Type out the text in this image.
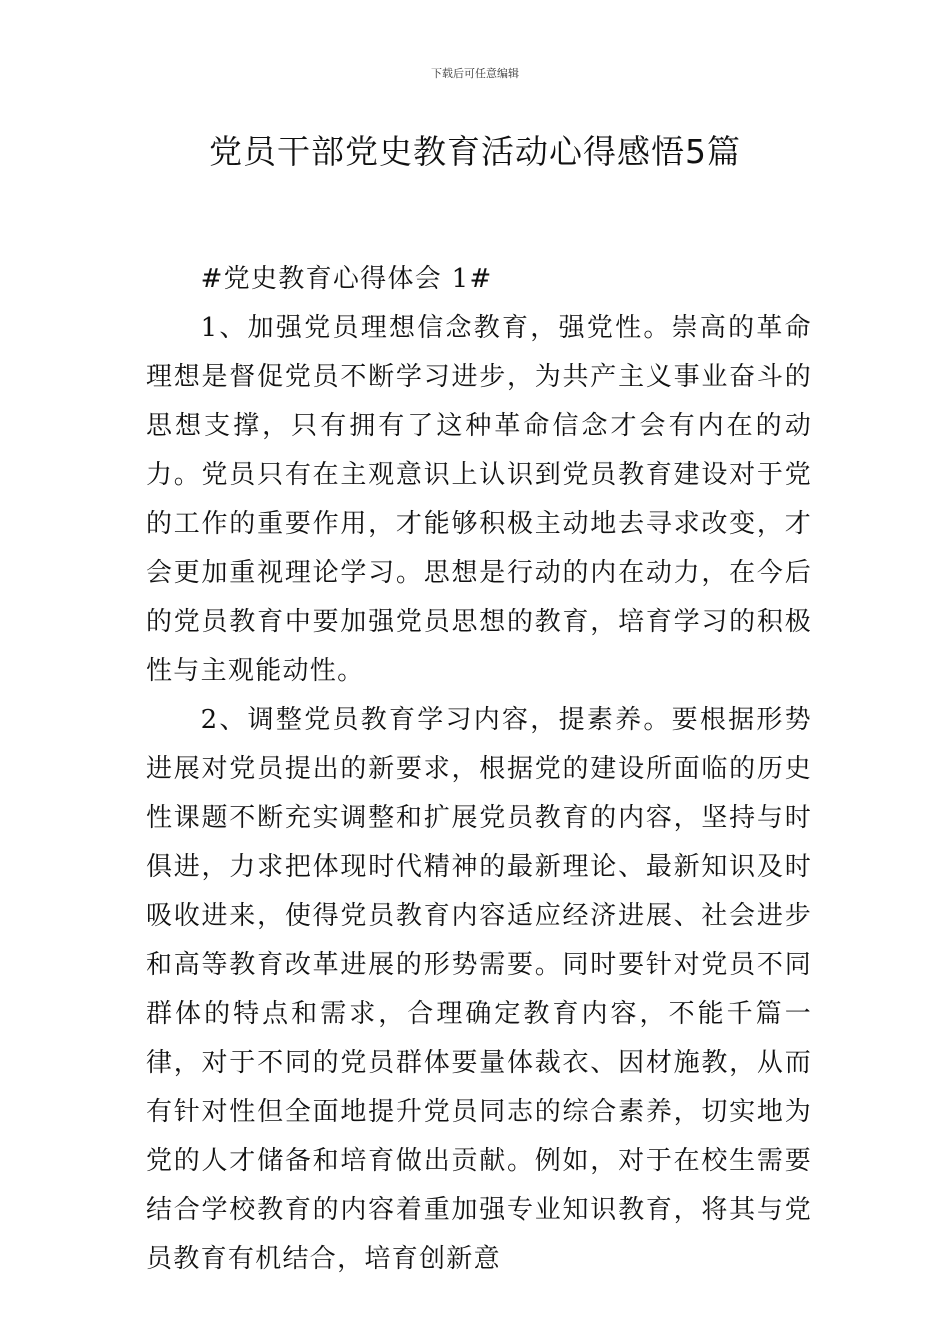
下载后可任意编辑
党员干部党史教育活动心得感悟5篇

#党史教育心得体会 1#

1、加强党员理想信念教育，强党性。崇高的革命理想是督促党员不断学习进步，为共产主义事业奋斗的思想支撑，只有拥有了这种革命信念才会有内在的动力。党员只有在主观意识上认识到党员教育建设对于党的工作的重要作用，才能够积极主动地去寻求改变，才会更加重视理论学习。思想是行动的内在动力，在今后的党员教育中要加强党员思想的教育，培育学习的积极性与主观能动性。

2、调整党员教育学习内容，提素养。要根据形势进展对党员提出的新要求，根据党的建设所面临的历史性课题不断充实调整和扩展党员教育的内容，坚持与时俱进，力求把体现时代精神的最新理论、最新知识及时吸收进来，使得党员教育内容适应经济进展、社会进步和高等教育改革进展的形势需要。同时要针对党员不同群体的特点和需求，合理确定教育内容，不能千篇一律，对于不同的党员群体要量体裁衣、因材施教，从而有针对性但全面地提升党员同志的综合素养，切实地为党的人才储备和培育做出贡献。例如，对于在校生需要结合学校教育的内容着重加强专业知识教育，将其与党员教育有机结合，培育创新意
